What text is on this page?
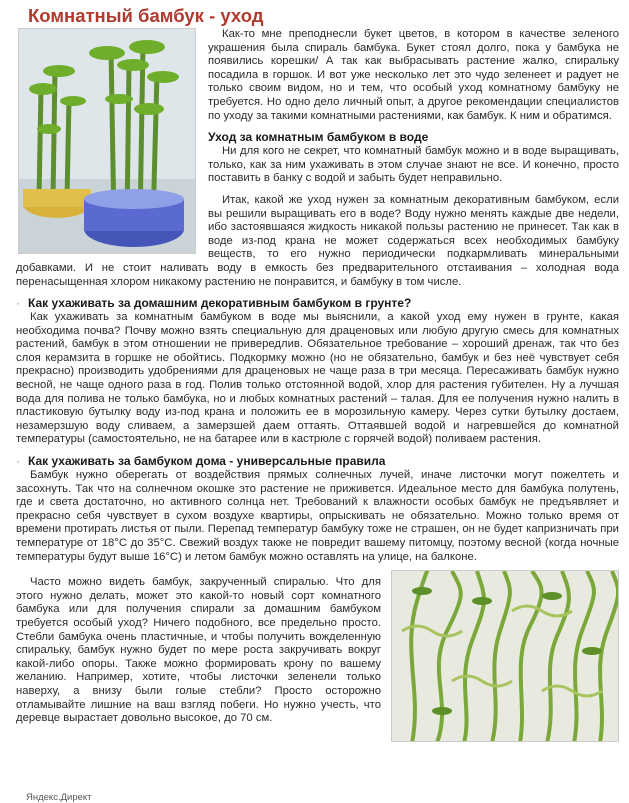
Комнатный бамбук - уход

Как-то мне преподнесли букет цветов, в котором в качестве зеленого украшения была спираль бамбука. Букет стоял долго, пока у бамбука не появились корешки/ А так как выбрасывать растение жалко, спиральку посадила в горшок. И вот уже несколько лет это чудо зеленеет и радует не только своим видом, но и тем, что особый уход комнатному бамбуку не требуется. Но одно дело личный опыт, а другое рекомендации специалистов по уходу за такими комнатными растениями, как бамбук. К ним и обратимся.

Уход за комнатным бамбуком в воде

Ни для кого не секрет, что комнатный бамбук можно и в воде выращивать, только, как за ним ухаживать в этом случае знают не все. И конечно, просто поставить в банку с водой и забыть будет неправильно.

Итак, какой же уход нужен за комнатным декоративным бамбуком, если вы решили выращивать его в воде? Воду нужно менять каждые две недели, ибо застоявшаяся жидкость никакой пользы растению не принесет. Так как в воде из-под крана не может содержаться всех необходимых бамбуку веществ, то его нужно периодически подкармливать минеральными добавками. И не стоит наливать воду в емкость без предварительного отстаивания – холодная вода перенасыщенная хлором никакому растению не понравится, и бамбуку в том числе.

· Как ухаживать за домашним декоративным бамбуком в грунте?

Как ухаживать за комнатным бамбуком в воде мы выяснили, а какой уход ему нужен в грунте, какая необходима почва? Почву можно взять специальную для драценовых или любую другую смесь для комнатных растений, бамбук в этом отношении не привередлив. Обязательное требование – хороший дренаж, так что без слоя керамзита в горшке не обойтись. Подкормку можно (но не обязательно, бамбук и без неё чувствует себя прекрасно) производить удобрениями для драценовых не чаще раза в три месяца. Пересаживать бамбук нужно весной, не чаще одного раза в год. Полив только отстоянной водой, хлор для растения губителен. Ну а лучшая вода для полива не только бамбука, но и любых комнатных растений – талая. Для ее получения нужно налить в пластиковую бутылку воду из-под крана и положить ее в морозильную камеру. Через сутки бутылку достаем, незамерзшую воду сливаем, а замерзшей даем оттаять. Оттаявшей водой и нагревшейся до комнатной температуры (самостоятельно, не на батарее или в кастрюле с горячей водой) поливаем растения.

· Как ухаживать за бамбуком дома - универсальные правила

Бамбук нужно оберегать от воздействия прямых солнечных лучей, иначе листочки могут пожелтеть и засохнуть. Так что на солнечном окошке это растение не приживется. Идеальное место для бамбука полутень, где и света достаточно, но активного солнца нет. Требований к влажности особых бамбук не предъявляет и прекрасно себя чувствует в сухом воздухе квартиры, опрыскивать не обязательно. Можно только время от времени протирать листья от пыли. Перепад температур бамбуку тоже не страшен, он не будет капризничать при температуре от 18°С до 35°С. Свежий воздух также не повредит вашему питомцу, поэтому весной (когда ночные температуры будут выше 16°С) и летом бамбук можно оставлять на улице, на балконе.

Часто можно видеть бамбук, закрученный спиралью. Что для этого нужно делать, может это какой-то новый сорт комнатного бамбука или для получения спирали за домашним бамбуком требуется особый уход? Ничего подобного, все предельно просто. Стебли бамбука очень пластичные, и чтобы получить вожделенную спиральку, бамбук нужно будет по мере роста закручивать вокруг какой-либо опоры. Также можно формировать крону по вашему желанию. Например, хотите, чтобы листочки зеленели только наверху, а внизу были голые стебли? Просто осторожно отламывайте лишние на ваш взгляд побеги. Но нужно учесть, что деревце вырастает довольно высокое, до 70 см.

Яндекс.Директ
